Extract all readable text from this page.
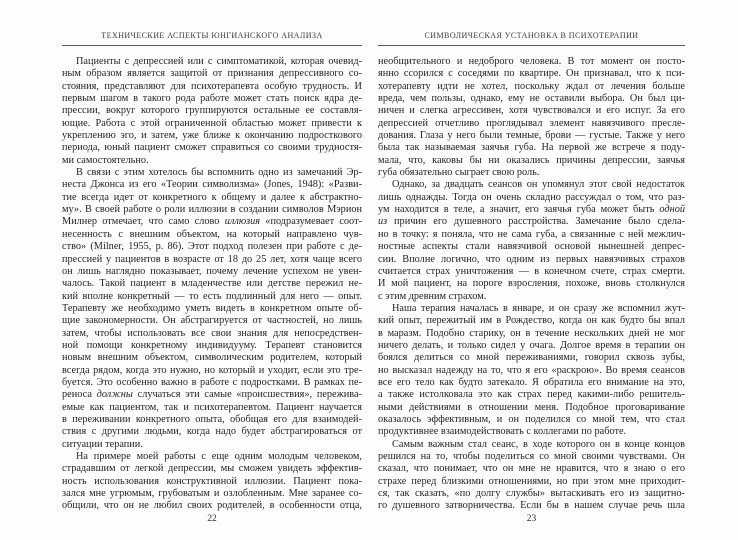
ТЕХНИЧЕСКИЕ АСПЕКТЫ ЮНГИАНСКОГО АНАЛИЗА
Пациенты с депрессией или с симптоматикой, которая очевид-
ным образом является защитой от признания депрессивного со-
стояния, представляют для психотерапевта особую трудность. И
первым шагом в такого рода работе может стать поиск ядра де-
прессии, вокруг которого группируются остальные ее составля-
ющие. Работа с этой ограниченной областью может привести к
укреплению эго, и затем, уже ближе к окончанию подросткового
периода, юный пациент сможет справиться со своими трудностя-
ми самостоятельно.
В связи с этим хотелось бы вспомнить одно из замечаний Эр-
неста Джонса из его «Теории символизма» (Jones, 1948): «Разви-
тие всегда идет от конкретного к общему и далее к абстрактно-
му». В своей работе о роли иллюзии в создании символов Мэрион
Милнер отмечает, что само слово иллюзия «подразумевает соот-
несенность с внешним объектом, на который направлено чув-
ство» (Milner, 1955, p. 86). Этот подход полезен при работе с де-
прессией у пациентов в возрасте от 18 до 25 лет, хотя чаще всего
он лишь наглядно показывает, почему лечение успехом не увен-
чалось. Такой пациент в младенчестве или детстве пережил не-
кий вполне конкретный — то есть подлинный для него — опыт.
Терапевту же необходимо уметь видеть в конкретном опыте об-
щие закономерности. Он абстрагируется от частностей, но лишь
затем, чтобы использовать все свои знания для непосредствен-
ной помощи конкретному индивидууму. Терапевт становится
новым внешним объектом, символическим родителем, который
всегда рядом, когда это нужно, но который и уходит, если это тре-
буется. Это особенно важно в работе с подростками. В рамках пе-
реноса должны случаться эти самые «происшествия», пережива-
емые как пациентом, так и психотерапевтом. Пациент научается
в переживании конкретного опыта, обобщая его для взаимодей-
ствия с другими людьми, когда надо будет абстрагироваться от
ситуации терапии.
На примере моей работы с еще одним молодым человеком,
страдавшим от легкой депрессии, мы сможем увидеть эффектив-
ность использования конструктивной иллюзии. Пациент пока-
зался мне угрюмым, грубоватым и озлобленным. Мне заранее со-
общили, что он не любил своих родителей, в особенности отца,
22
СИМВОЛИЧЕСКАЯ УСТАНОВКА В ПСИХОТЕРАПИИ
необщительного и недоброго человека. В тот момент он посто-
янно ссорился с соседями по квартире. Он признавал, что к пси-
хотерапевту идти не хотел, поскольку ждал от лечения больше
вреда, чем пользы, однако, ему не оставили выбора. Он был ци-
ничен и слегка агрессивен, хотя чувствовался и его испуг. За его
депрессией отчетливо проглядывал элемент навязчивого пресле-
дования. Глаза у него были темные, брови — густые. Также у него
была так называемая заячья губа. На первой же встрече я поду-
мала, что, каковы бы ни оказались причины депрессии, заячья
губа обязательно сыграет свою роль.
Однако, за двадцать сеансов он упомянул этот свой недостаток
лишь однажды. Тогда он очень складно рассуждал о том, что раз-
ум находится в теле, а значит, его заячья губа может быть одной
из причин его душевного расстройства. Замечание было сдела-
но в точку: я поняла, что не сама губа, а связанные с ней межлич-
ностные аспекты стали навязчивой основой нынешней депрес-
сии. Вполне логично, что одним из первых навязчивых страхов
считается страх уничтожения — в конечном счете, страх смерти.
И мой пациент, на пороге взросления, похоже, вновь столкнулся
с этим древним страхом.
Наша терапия началась в январе, и он сразу же вспомнил жут-
кий опыт, пережитый им в Рождество, когда он как будто бы впал
в маразм. Подобно старику, он в течение нескольких дней не мог
ничего делать, и только сидел у очага. Долгое время в терапии он
боялся делиться со мной переживаниями, говорил сквозь зубы,
но высказал надежду на то, что я его «раскрою». Во время сеансов
все его тело как будто затекало. Я обратила его внимание на это,
а также истолковала это как страх перед какими-либо решитель-
ными действиями в отношении меня. Подобное проговаривание
оказалось эффективным, и он поделился со мной тем, что стал
продуктивнее взаимодействовать с коллегами по работе.
Самым важным стал сеанс, в ходе которого он в конце концов
решился на то, чтобы поделиться со мной своими чувствами. Он
сказал, что понимает, что он мне не нравится, что я знаю о его
страхе перед близкими отношениями, но при этом мне приходит-
ся, так сказать, «по долгу службы» вытаскивать его из защитно-
го душевного затворничества. Если бы в нашем случае речь шла
23
